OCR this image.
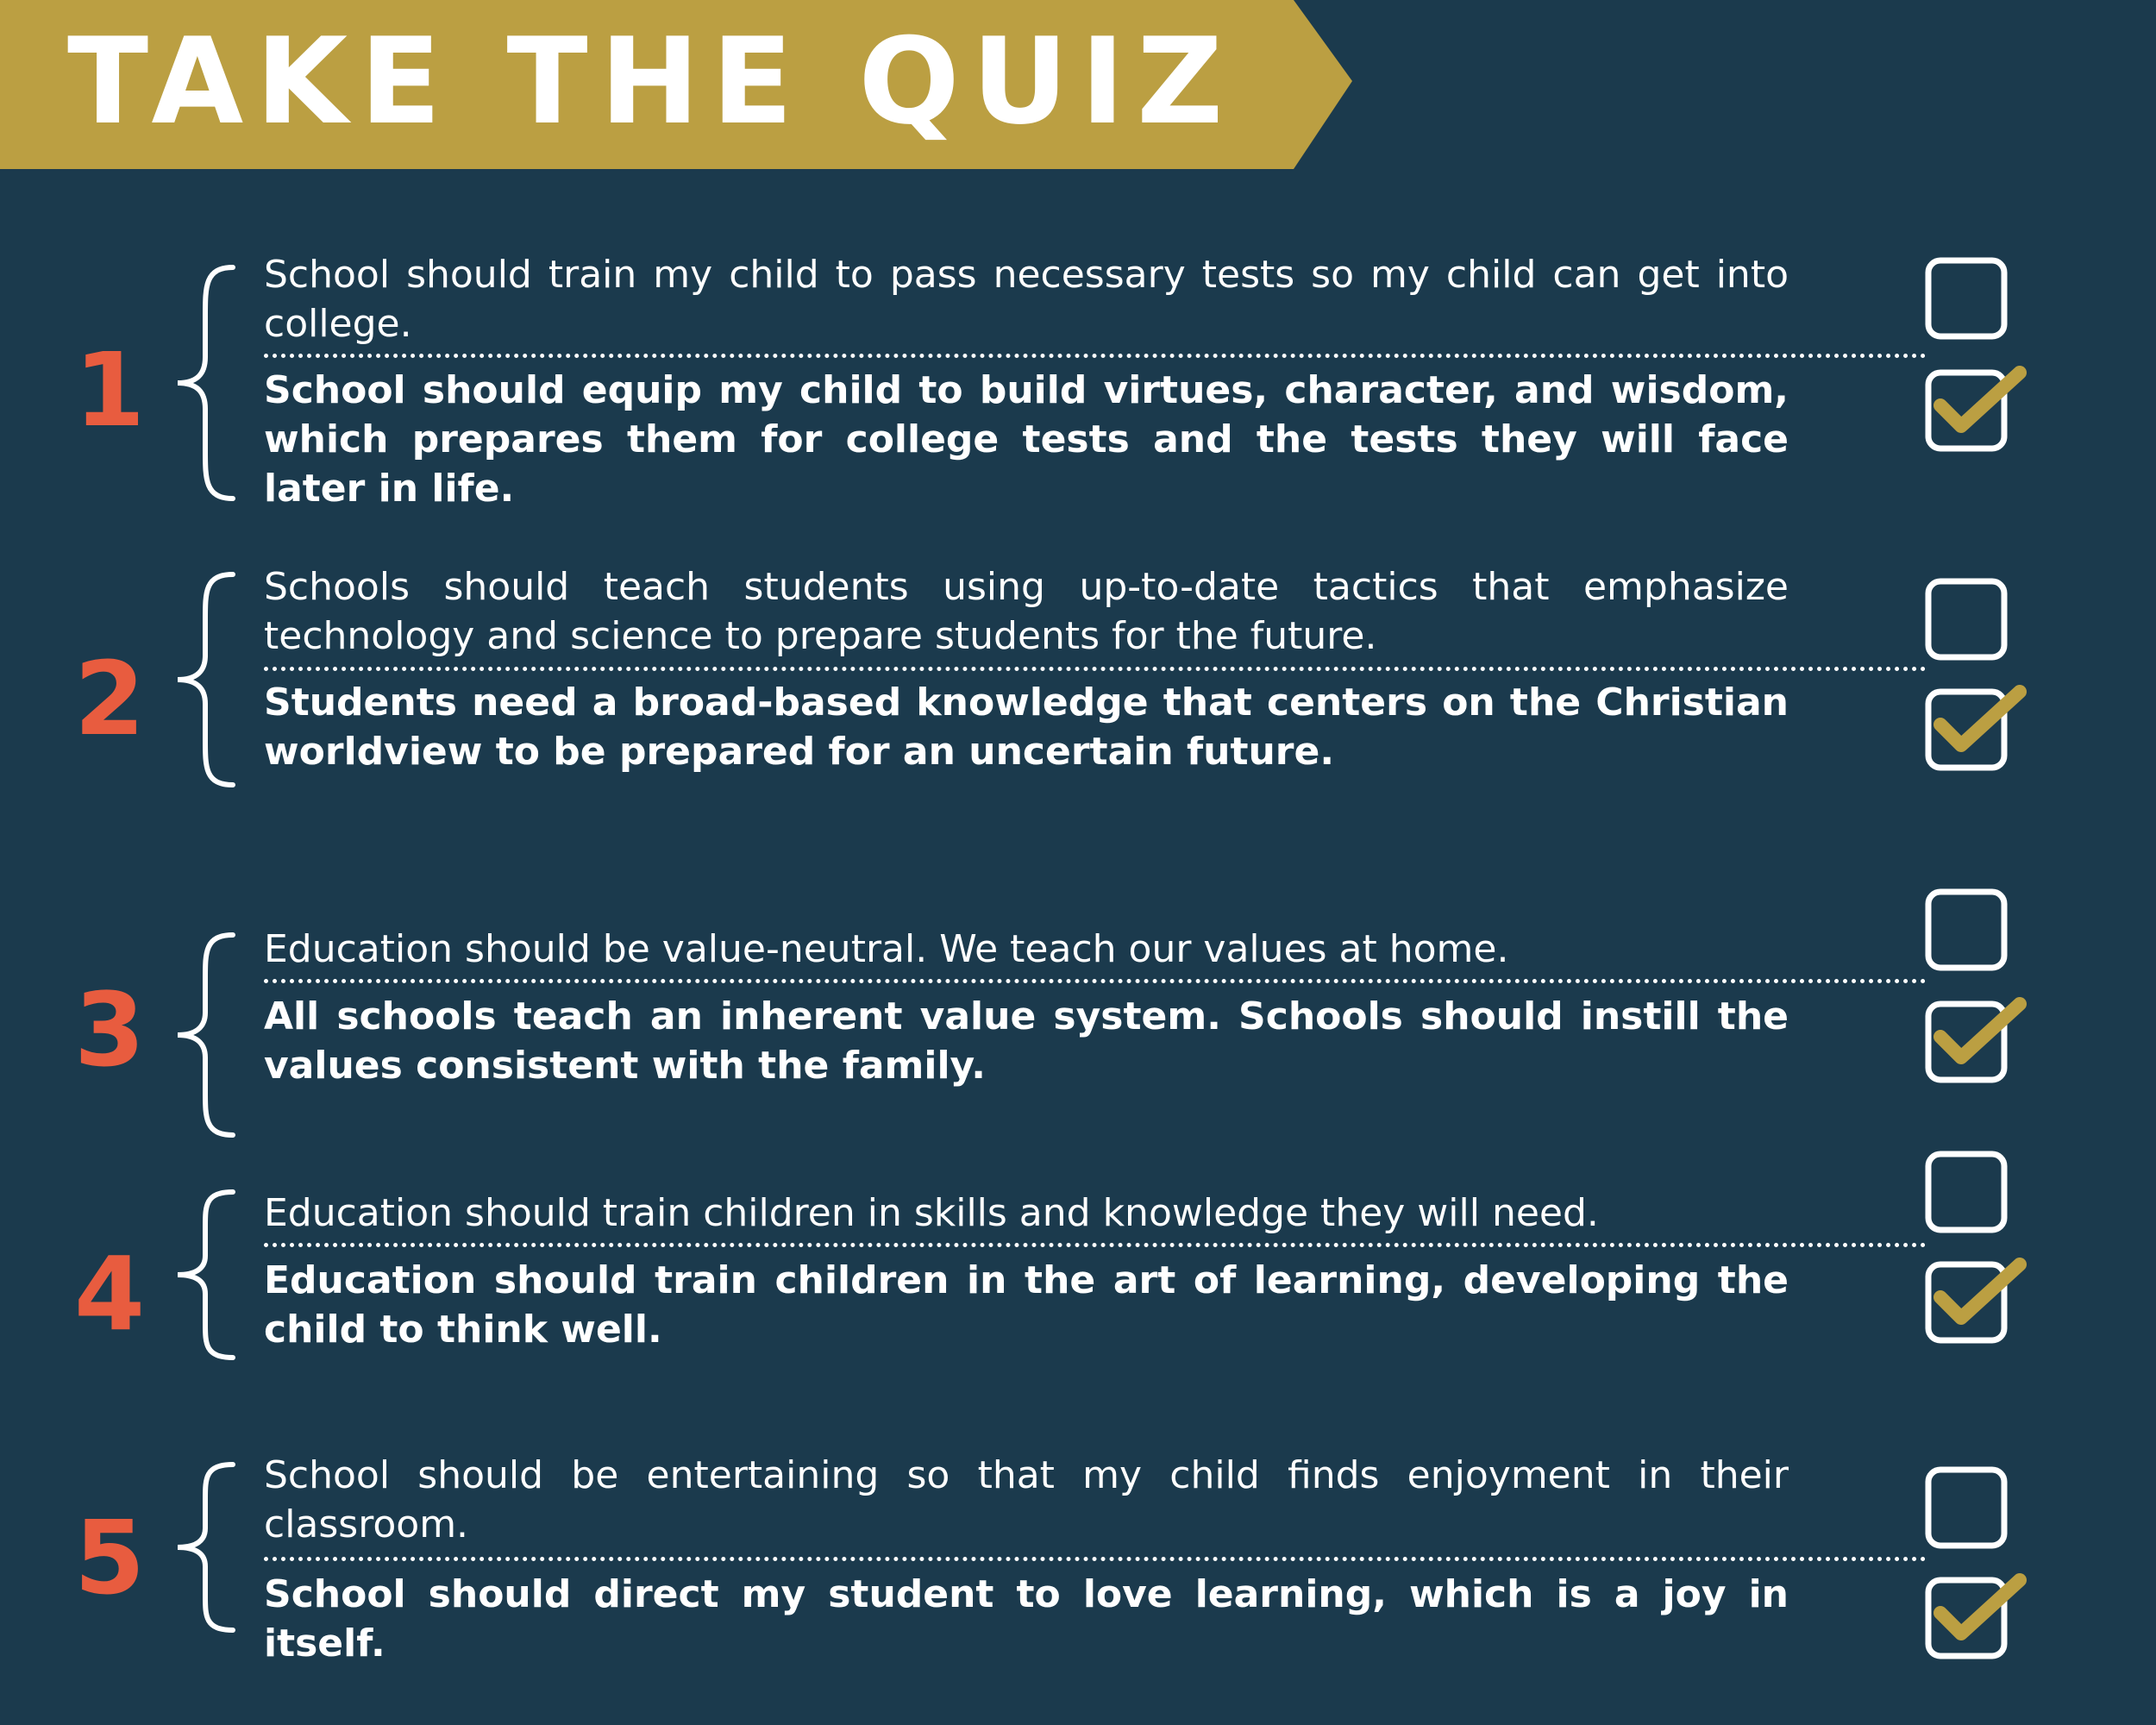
TAKE THE QUIZ
1

School should train my child to pass necessary tests so my child can get into college.

School should equip my child to build virtues, character, and wisdom, which prepares them for college tests and the tests they will face later in life.

2

Schools should teach students using up-to-date tactics that emphasize technology and science to prepare students for the future.

Students need a broad-based knowledge that centers on the Christian worldview to be prepared for an uncertain future.

3

Education should be value-neutral. We teach our values at home.

All schools teach an inherent value system. Schools should instill the values consistent with the family.

4

Education should train children in skills and knowledge they will need.

Education should train children in the art of learning, developing the child to think well.

5

School should be entertaining so that my child finds enjoyment in their classroom.

School should direct my student to love learning, which is a joy in itself.
